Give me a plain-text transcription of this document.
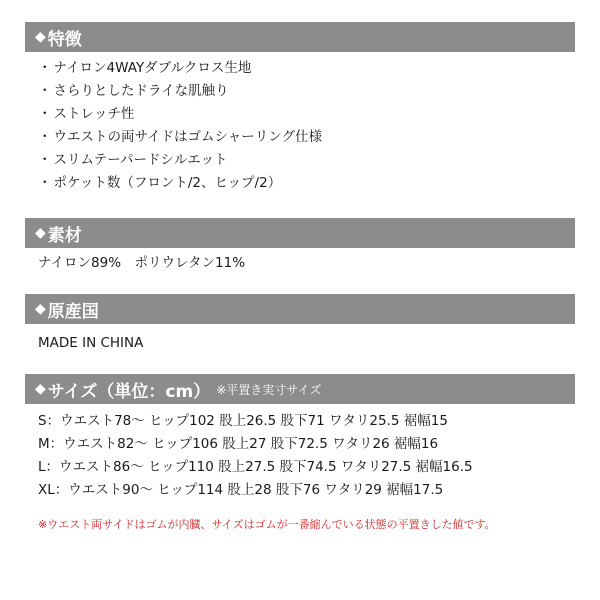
◆ 特徴
・ ナイロン4WAYダブルクロス生地
・ さらりとしたドライな肌触り
・ ストレッチ性
・ ウエストの両サイドはゴムシャーリング仕様
・ スリムテーパードシルエット
・ ポケット数（フロント/2、ヒップ/2）
◆ 素材
ナイロン89%　ポリウレタン11%
◆ 原産国
MADE IN CHINA
◆ サイズ（単位：cm） ※平置き実寸サイズ
S：ウエスト78～ ヒップ102 股上26.5 股下71 ワタリ25.5 裾幅15
M：ウエスト82～ ヒップ106 股上27 股下72.5 ワタリ26 裾幅16
L：ウエスト86～ ヒップ110 股上27.5 股下74.5 ワタリ27.5 裾幅16.5
XL：ウエスト90～ ヒップ114 股上28 股下76 ワタリ29 裾幅17.5
※ウエスト両サイドはゴムが内臓、サイズはゴムが一番縮んでいる状態の平置きした値です。
